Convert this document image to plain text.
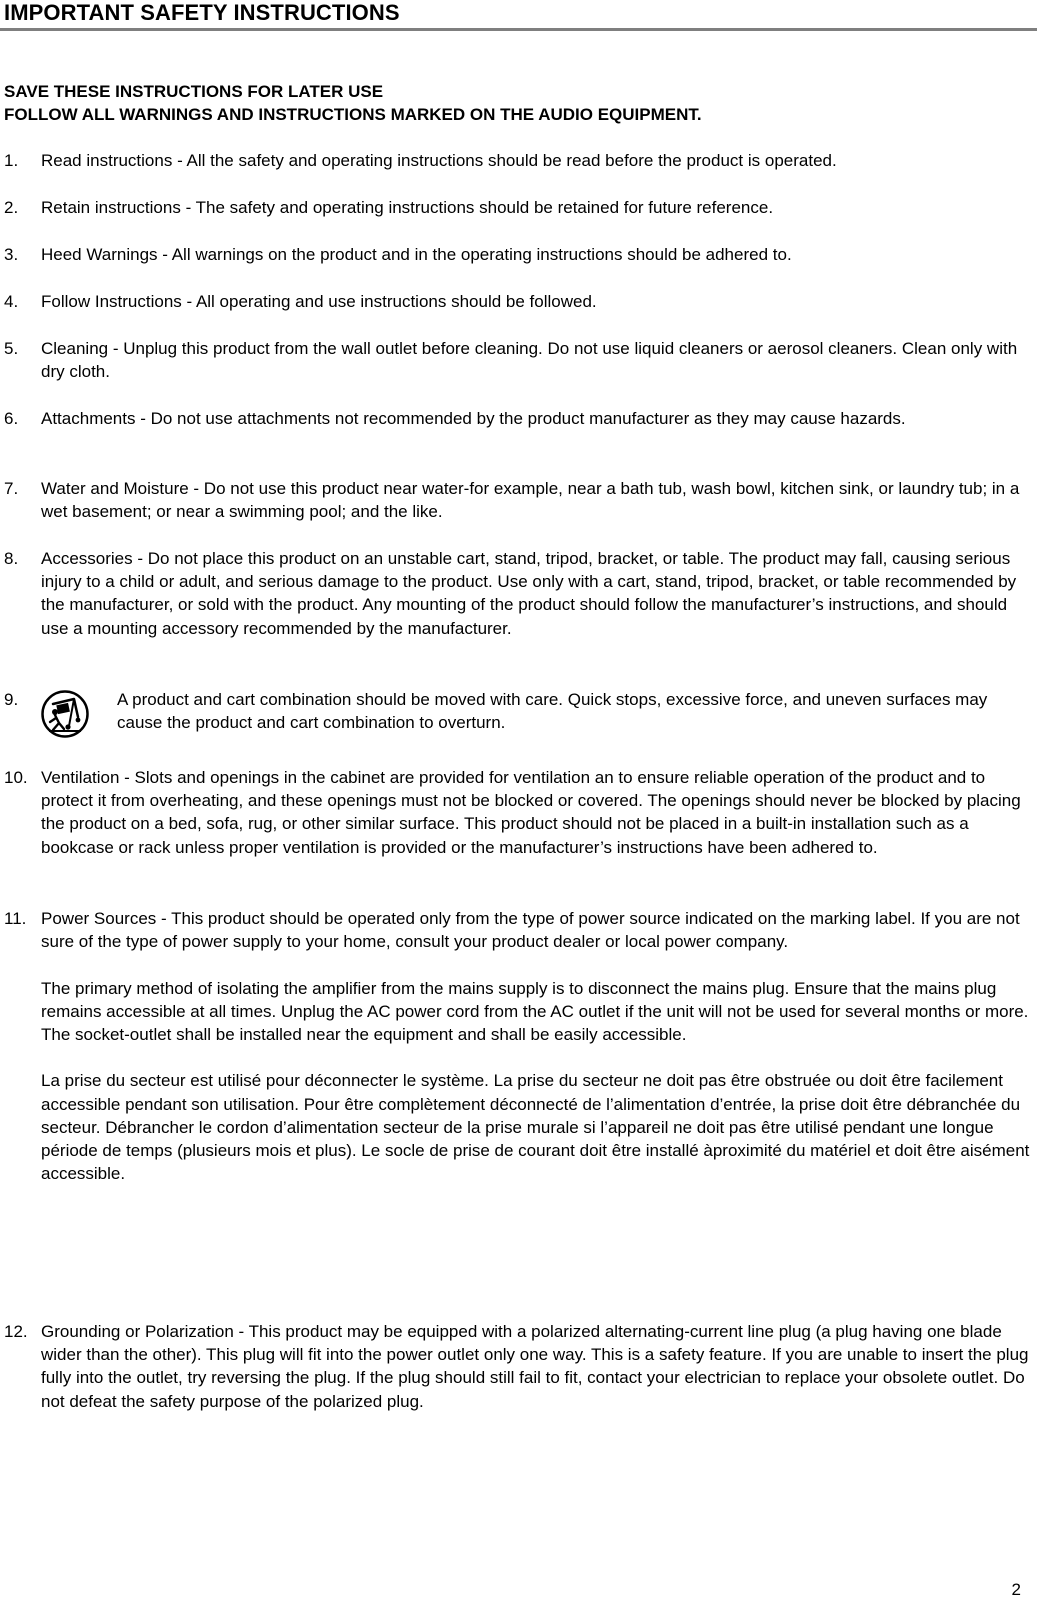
IMPORTANT SAFETY INSTRUCTIONS
SAVE THESE INSTRUCTIONS FOR LATER USE
FOLLOW ALL WARNINGS AND INSTRUCTIONS MARKED ON THE AUDIO EQUIPMENT.
1. Read instructions - All the safety and operating instructions should be read before the product is operated.

2. Retain instructions - The safety and operating instructions should be retained for future reference.

3. Heed Warnings - All warnings on the product and in the operating instructions should be adhered to.

4. Follow Instructions - All operating and use instructions should be followed.

5. Cleaning - Unplug this product from the wall outlet before cleaning. Do not use liquid cleaners or aerosol cleaners. Clean only with dry cloth.

6. Attachments - Do not use attachments not recommended by the product manufacturer as they may cause hazards.

7. Water and Moisture - Do not use this product near water-for example, near a bath tub, wash bowl, kitchen sink, or laundry tub; in a wet basement; or near a swimming pool; and the like.

8. Accessories - Do not place this product on an unstable cart, stand, tripod, bracket, or table. The product may fall, causing serious injury to a child or adult, and serious damage to the product. Use only with a cart, stand, tripod, bracket, or table recommended by the manufacturer, or sold with the product. Any mounting of the product should follow the manufacturer’s instructions, and should use a mounting accessory recommended by the manufacturer.

9.	A product and cart combination should be moved with care. Quick stops, excessive force, and uneven surfaces may cause the product and cart combination to overturn.

10. Ventilation - Slots and openings in the cabinet are provided for ventilation an to ensure reliable operation of the product and to protect it from overheating, and these openings must not be blocked or covered. The openings should never be blocked by placing the product on a bed, sofa, rug, or other similar surface. This product should not be placed in a built-in installation such as a bookcase or rack unless proper ventilation is provided or the manufacturer’s instructions have been adhered to.

11. Power Sources - This product should be operated only from the type of power source indicated on the marking label. If you are not sure of the type of power supply to your home, consult your product dealer or local power company.

The primary method of isolating the amplifier from the mains supply is to disconnect the mains plug. Ensure that the mains plug remains accessible at all times. Unplug the AC power cord from the AC outlet if the unit will not be used for several months or more. The socket-outlet shall be installed near the equipment and shall be easily accessible.

La prise du secteur est utilisé pour déconnecter le système. La prise du secteur ne doit pas être obstruée ou doit être facilement accessible pendant son utilisation. Pour être complètement déconnecté de l’alimentation d’entrée, la prise doit être débranchée du secteur. Débrancher le cordon d’alimentation secteur de la prise murale si l’appareil ne doit pas être utilisé pendant une longue période de temps (plusieurs mois et plus). Le socle de prise de courant doit être installé àproximité du matériel et doit être aisément accessible.

12. Grounding or Polarization - This product may be equipped with a polarized alternating-current line plug (a plug having one blade wider than the other). This plug will fit into the power outlet only one way. This is a safety feature. If you are unable to insert the plug fully into the outlet, try reversing the plug. If the plug should still fail to fit, contact your electrician to replace your obsolete outlet. Do not defeat the safety purpose of the polarized plug.

2
